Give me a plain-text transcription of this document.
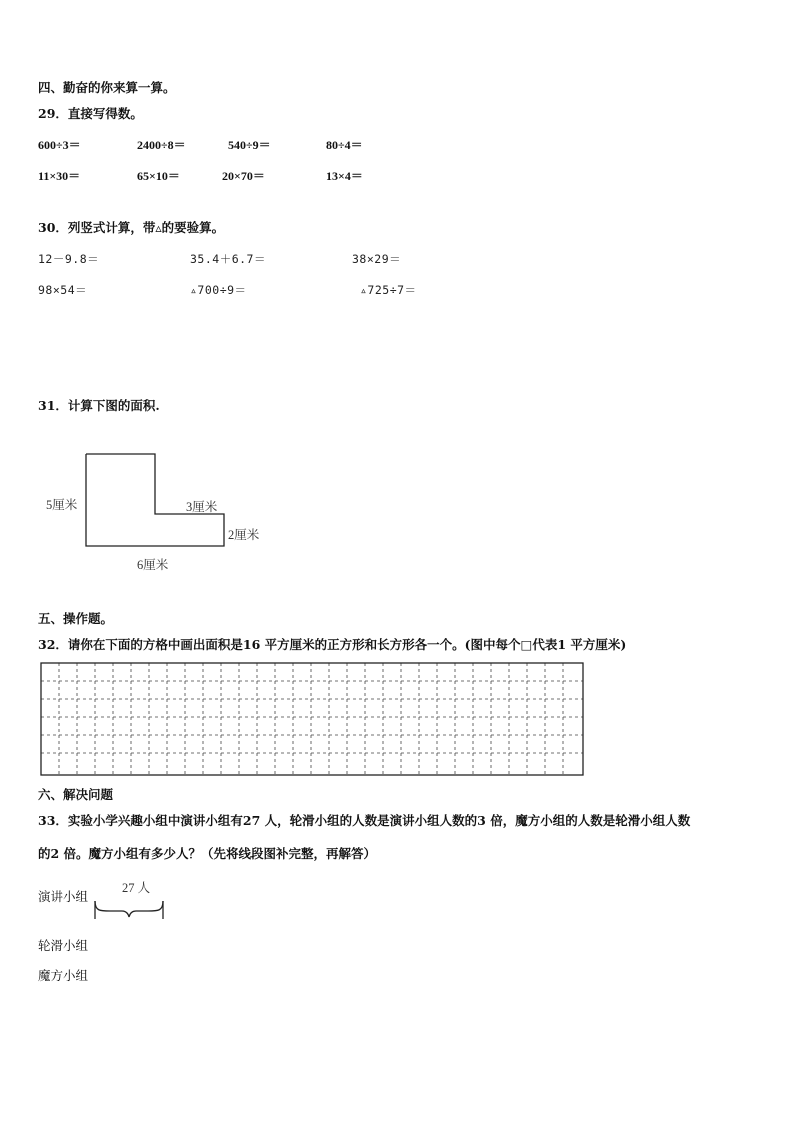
四、勤奋的你来算一算。
29．直接写得数。
600÷3＝	2400÷8＝	540÷9＝	80÷4＝
11×30＝	65×10＝	20×70＝	13×4＝
30．列竖式计算，带▵的要验算。
12－9.8＝	35.4＋6.7＝	38×29＝
98×54＝	▵700÷9＝	▵725÷7＝
31．计算下图的面积.
5厘米	3厘米
2厘米
6厘米
五、操作题。
32．请你在下面的方格中画出面积是16 平方厘米的正方形和长方形各一个。(图中每个□代表1 平方厘米)
六、解决问题
33．实验小学兴趣小组中演讲小组有27 人，轮滑小组的人数是演讲小组人数的3 倍，魔方小组的人数是轮滑小组人数
的2 倍。魔方小组有多少人？（先将线段图补完整，再解答）
27 人
演讲小组
轮滑小组
魔方小组
